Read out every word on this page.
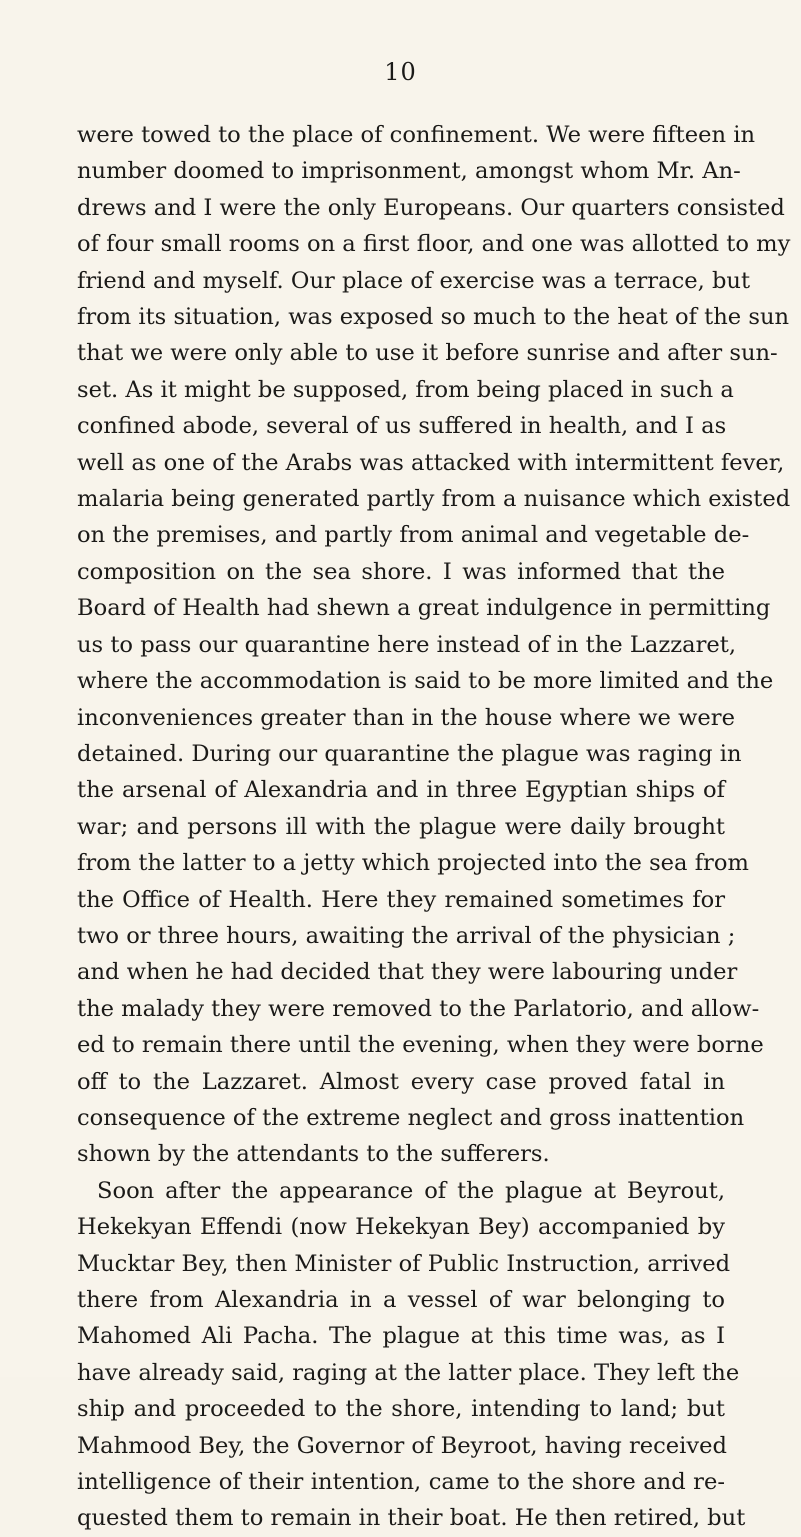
10
were towed to the place of confinement. We were fifteen in
number doomed to imprisonment, amongst whom Mr. An-
drews and I were the only Europeans. Our quarters consisted
of four small rooms on a first floor, and one was allotted to my
friend and myself. Our place of exercise was a terrace, but
from its situation, was exposed so much to the heat of the sun
that we were only able to use it before sunrise and after sun-
set. As it might be supposed, from being placed in such a
confined abode, several of us suffered in health, and I as
well as one of the Arabs was attacked with intermittent fever,
malaria being generated partly from a nuisance which existed
on the premises, and partly from animal and vegetable de-
composition on the sea shore. I was informed that the
Board of Health had shewn a great indulgence in permitting
us to pass our quarantine here instead of in the Lazzaret,
where the accommodation is said to be more limited and the
inconveniences greater than in the house where we were
detained. During our quarantine the plague was raging in
the arsenal of Alexandria and in three Egyptian ships of
war; and persons ill with the plague were daily brought
from the latter to a jetty which projected into the sea from
the Office of Health. Here they remained sometimes for
two or three hours, awaiting the arrival of the physician ;
and when he had decided that they were labouring under
the malady they were removed to the Parlatorio, and allow-
ed to remain there until the evening, when they were borne
off to the Lazzaret. Almost every case proved fatal in
consequence of the extreme neglect and gross inattention
shown by the attendants to the sufferers.
Soon after the appearance of the plague at Beyrout,
Hekekyan Effendi (now Hekekyan Bey) accompanied by
Mucktar Bey, then Minister of Public Instruction, arrived
there from Alexandria in a vessel of war belonging to
Mahomed Ali Pacha. The plague at this time was, as I
have already said, raging at the latter place. They left the
ship and proceeded to the shore, intending to land; but
Mahmood Bey, the Governor of Beyroot, having received
intelligence of their intention, came to the shore and re-
quested them to remain in their boat. He then retired, but
